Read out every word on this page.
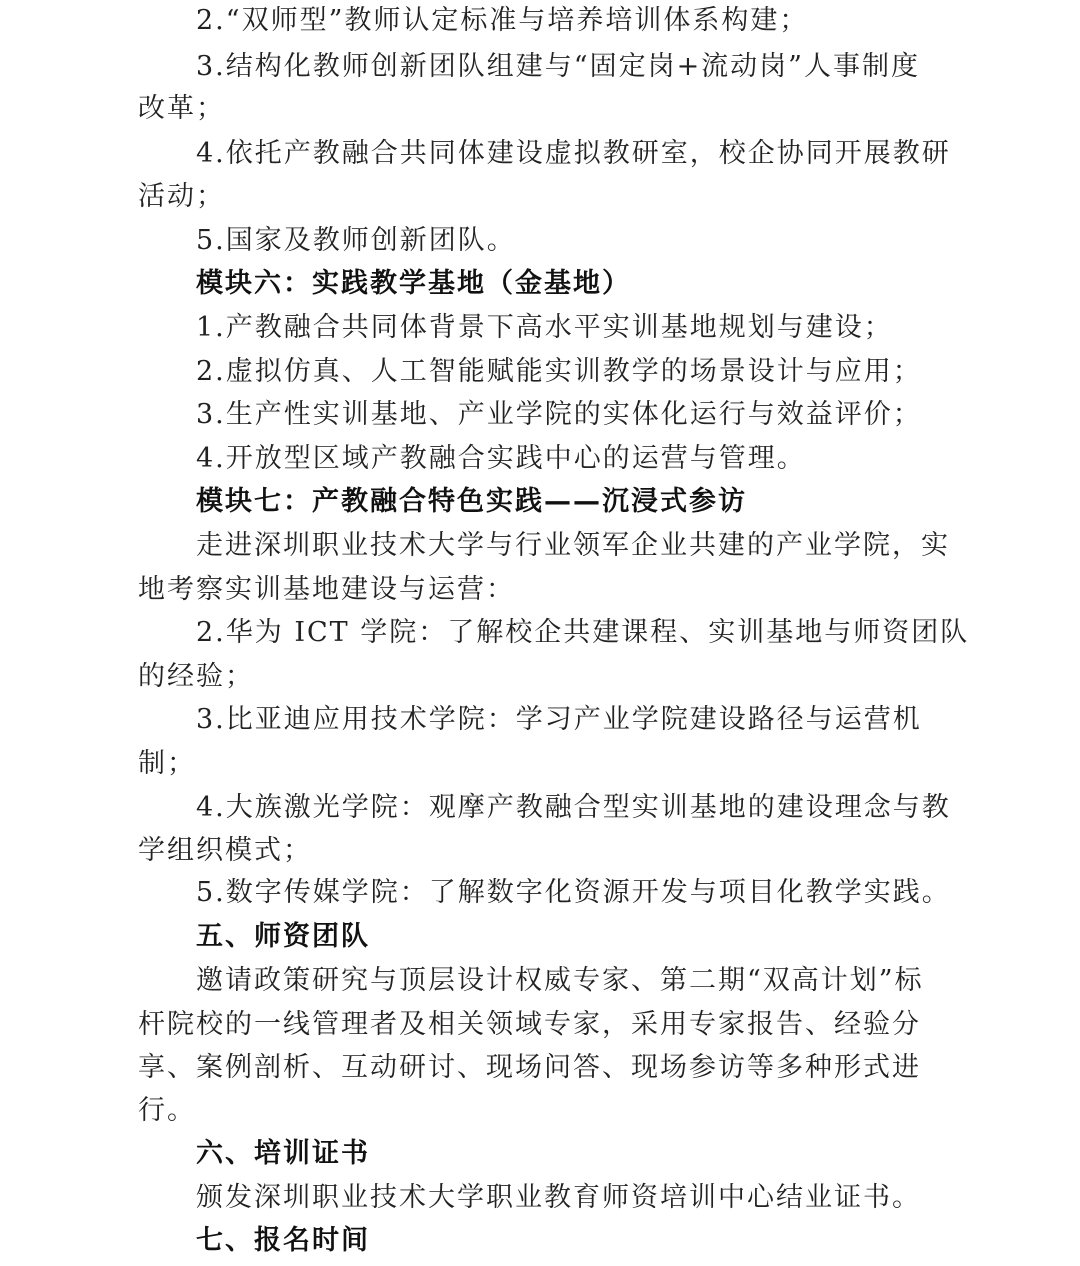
2.“双师型”教师认定标准与培养培训体系构建；
3.结构化教师创新团队组建与“固定岗+流动岗”人事制度
改革；
4.依托产教融合共同体建设虚拟教研室，校企协同开展教研
活动；
5.国家及教师创新团队。
模块六：实践教学基地（金基地）
1.产教融合共同体背景下高水平实训基地规划与建设；
2.虚拟仿真、人工智能赋能实训教学的场景设计与应用；
3.生产性实训基地、产业学院的实体化运行与效益评价；
4.开放型区域产教融合实践中心的运营与管理。
模块七：产教融合特色实践——沉浸式参访
走进深圳职业技术大学与行业领军企业共建的产业学院，实
地考察实训基地建设与运营：
2.华为 ICT 学院：了解校企共建课程、实训基地与师资团队
的经验；
3.比亚迪应用技术学院：学习产业学院建设路径与运营机
制；
4.大族激光学院：观摩产教融合型实训基地的建设理念与教
学组织模式；
5.数字传媒学院：了解数字化资源开发与项目化教学实践。
五、师资团队
邀请政策研究与顶层设计权威专家、第二期“双高计划”标
杆院校的一线管理者及相关领域专家，采用专家报告、经验分
享、案例剖析、互动研讨、现场问答、现场参访等多种形式进
行。
六、培训证书
颁发深圳职业技术大学职业教育师资培训中心结业证书。
七、报名时间
